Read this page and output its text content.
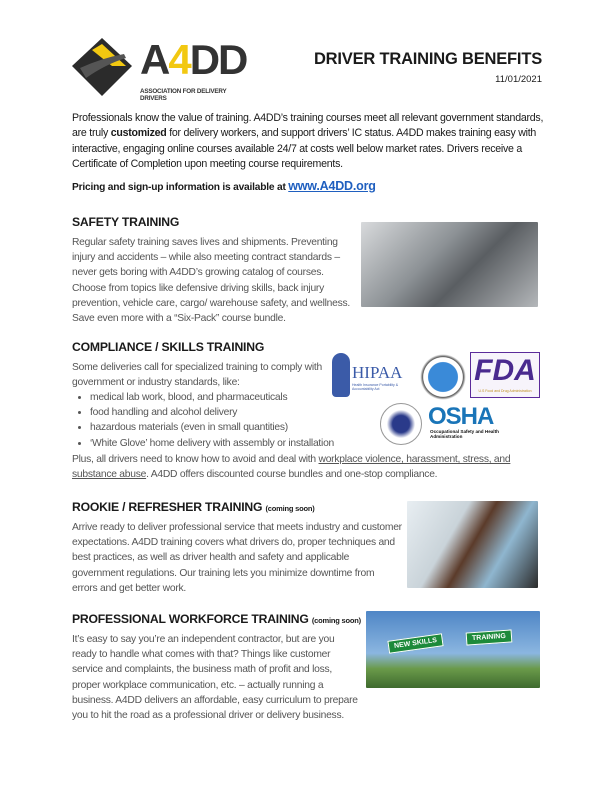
A4DD
ASSOCIATION FOR DELIVERY DRIVERS
DRIVER TRAINING BENEFITS
11/01/2021
Professionals know the value of training. A4DD’s training courses meet all relevant government standards, are truly customized for delivery workers, and support drivers’ IC status. A4DD makes training easy with interactive, engaging online courses available 24/7 at costs well below market rates. Drivers receive a Certificate of Completion upon meeting course requirements.
Pricing and sign-up information is available at www.A4DD.org
SAFETY TRAINING
Regular safety training saves lives and shipments. Preventing injury and accidents – while also meeting contract standards – never gets boring with A4DD’s growing catalog of courses. Choose from topics like defensive driving skills, back injury prevention, vehicle care, cargo/ warehouse safety, and wellness. Save even more with a “Six-Pack” course bundle.
COMPLIANCE / SKILLS TRAINING
HIPAA
Health Insurance Portability & Accountability Act
FDA
U.S Food and Drug Administration
OSHA
Occupational Safety and Health Administration
Some deliveries call for specialized training to comply with government or industry standards, like:
• medical lab work, blood, and pharmaceuticals
• food handling and alcohol delivery
• hazardous materials (even in small quantities)
• ‘White Glove’ home delivery with assembly or installation
Plus, all drivers need to know how to avoid and deal with workplace violence, harassment, stress, and substance abuse. A4DD offers discounted course bundles and one-stop compliance.
ROOKIE / REFRESHER TRAINING (coming soon)
Arrive ready to deliver professional service that meets industry and customer expectations. A4DD training covers what drivers do, proper techniques and best practices, as well as driver health and safety and applicable government regulations. Our training lets you minimize downtime from errors and get better work.
PROFESSIONAL WORKFORCE TRAINING (coming soon)
NEW SKILLS	TRAINING
It’s easy to say you’re an independent contractor, but are you ready to handle what comes with that? Things like customer service and complaints, the business math of profit and loss, proper workplace communication, etc. – actually running a business. A4DD delivers an affordable, easy curriculum to prepare you to hit the road as a professional driver or delivery business.
